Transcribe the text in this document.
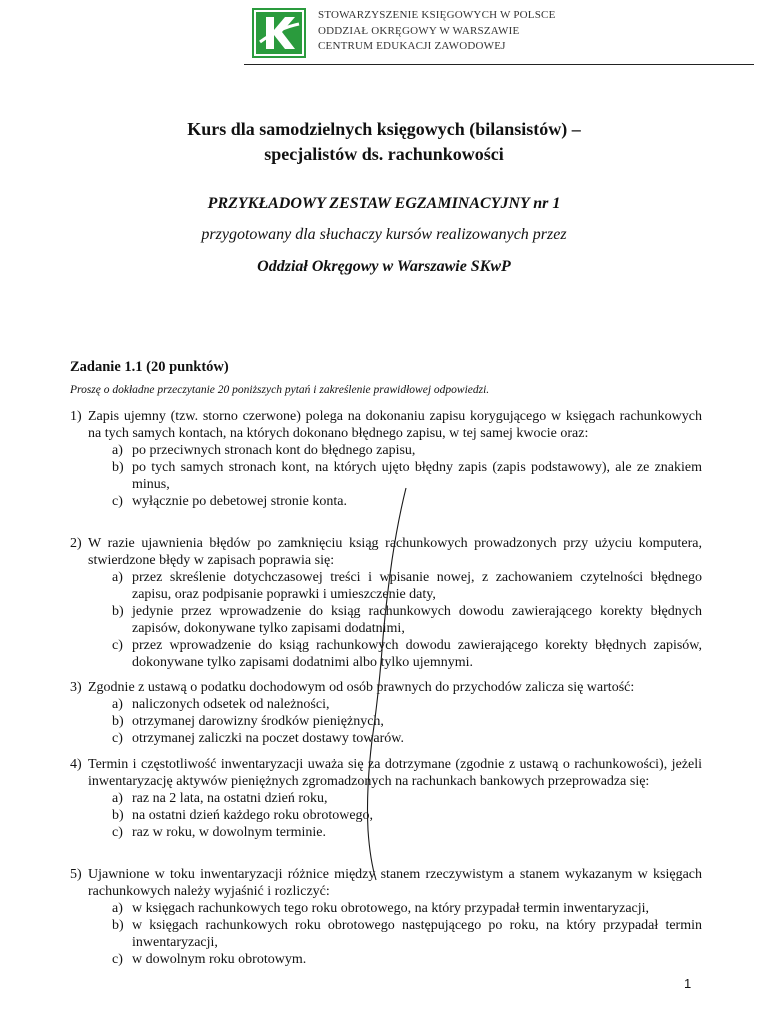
STOWARZYSZENIE KSIĘGOWYCH W POLSCE
ODDZIAŁ OKRĘGOWY W WARSZAWIE
CENTRUM EDUKACJI ZAWODOWEJ
Kurs dla samodzielnych księgowych (bilansistów) –
specjalistów ds. rachunkowości
PRZYKŁADOWY ZESTAW EGZAMINACYJNY nr 1
przygotowany dla słuchaczy kursów realizowanych przez
Oddział Okręgowy w Warszawie SKwP
Zadanie 1.1 (20 punktów)
Proszę o dokładne przeczytanie 20 poniższych pytań i zakreślenie prawidłowej odpowiedzi.
1) Zapis ujemny (tzw. storno czerwone) polega na dokonaniu zapisu korygującego w księgach rachunkowych na tych samych kontach, na których dokonano błędnego zapisu, w tej samej kwocie oraz:
a) po przeciwnych stronach kont do błędnego zapisu,
b) po tych samych stronach kont, na których ujęto błędny zapis (zapis podstawowy), ale ze znakiem minus,
c) wyłącznie po debetowej stronie konta.
2) W razie ujawnienia błędów po zamknięciu ksiąg rachunkowych prowadzonych przy użyciu komputera, stwierdzone błędy w zapisach poprawia się:
a) przez skreślenie dotychczasowej treści i wpisanie nowej, z zachowaniem czytelności błędnego zapisu, oraz podpisanie poprawki i umieszczenie daty,
b) jedynie przez wprowadzenie do ksiąg rachunkowych dowodu zawierającego korekty błędnych zapisów, dokonywane tylko zapisami dodatnimi,
c) przez wprowadzenie do ksiąg rachunkowych dowodu zawierającego korekty błędnych zapisów, dokonywane tylko zapisami dodatnimi albo tylko ujemnymi.
3) Zgodnie z ustawą o podatku dochodowym od osób prawnych do przychodów zalicza się wartość:
a) naliczonych odsetek od należności,
b) otrzymanej darowizny środków pieniężnych,
c) otrzymanej zaliczki na poczet dostawy towarów.
4) Termin i częstotliwość inwentaryzacji uważa się za dotrzymane (zgodnie z ustawą o rachunkowości), jeżeli inwentaryzację aktywów pieniężnych zgromadzonych na rachunkach bankowych przeprowadza się:
a) raz na 2 lata, na ostatni dzień roku,
b) na ostatni dzień każdego roku obrotowego,
c) raz w roku, w dowolnym terminie.
5) Ujawnione w toku inwentaryzacji różnice między stanem rzeczywistym a stanem wykazanym w księgach rachunkowych należy wyjaśnić i rozliczyć:
a) w księgach rachunkowych tego roku obrotowego, na który przypadał termin inwentaryzacji,
b) w księgach rachunkowych roku obrotowego następującego po roku, na który przypadał termin inwentaryzacji,
c) w dowolnym roku obrotowym.
1
